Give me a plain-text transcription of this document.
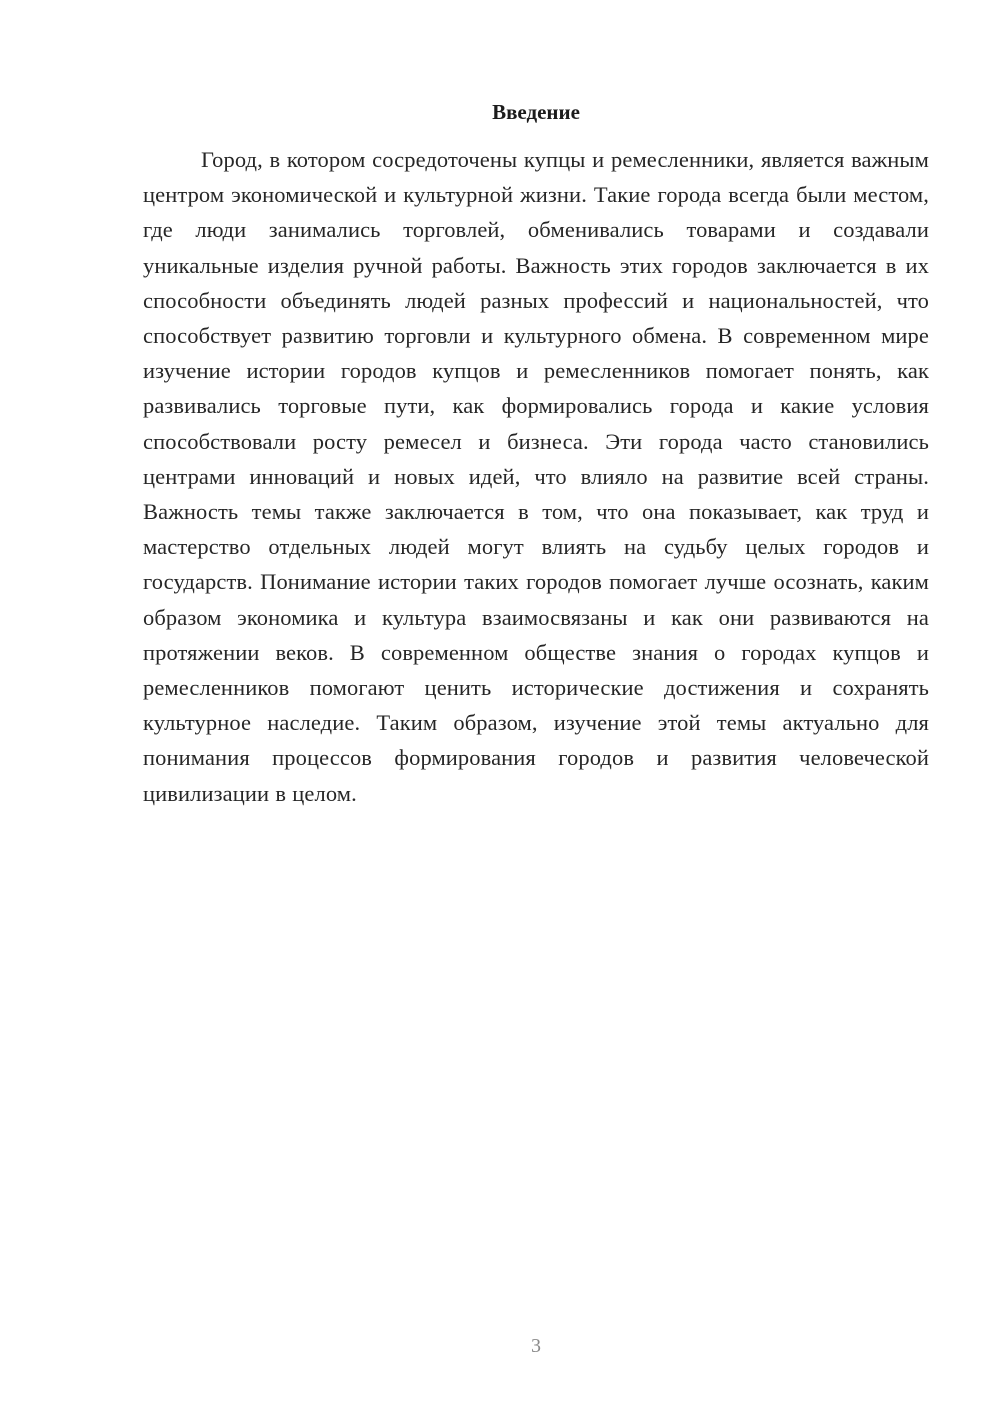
Введение

Город, в котором сосредоточены купцы и ремесленники, является важным центром экономической и культурной жизни. Такие города всегда были местом, где люди занимались торговлей, обменивались товарами и создавали уникальные изделия ручной работы. Важность этих городов заключается в их способности объединять людей разных профессий и национальностей, что способствует развитию торговли и культурного обмена. В современном мире изучение истории городов купцов и ремесленников помогает понять, как развивались торговые пути, как формировались города и какие условия способствовали росту ремесел и бизнеса. Эти города часто становились центрами инноваций и новых идей, что влияло на развитие всей страны. Важность темы также заключается в том, что она показывает, как труд и мастерство отдельных людей могут влиять на судьбу целых городов и государств. Понимание истории таких городов помогает лучше осознать, каким образом экономика и культура взаимосвязаны и как они развиваются на протяжении веков. В современном обществе знания о городах купцов и ремесленников помогают ценить исторические достижения и сохранять культурное наследие. Таким образом, изучение этой темы актуально для понимания процессов формирования городов и развития человеческой цивилизации в целом.

3
